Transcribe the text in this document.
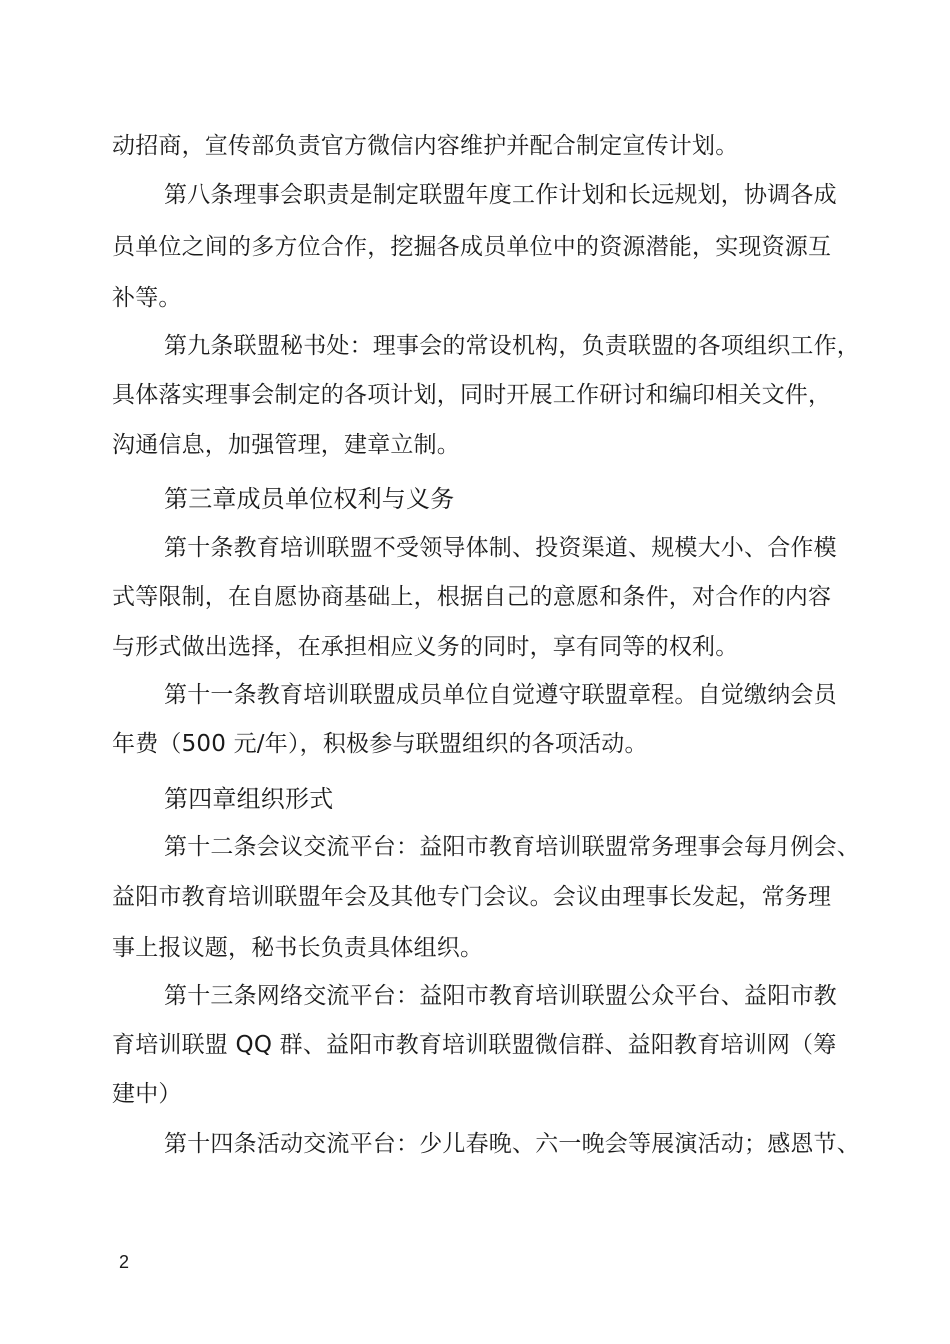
动招商，宣传部负责官方微信内容维护并配合制定宣传计划。
第八条理事会职责是制定联盟年度工作计划和长远规划，协调各成
员单位之间的多方位合作，挖掘各成员单位中的资源潜能，实现资源互
补等。
第九条联盟秘书处：理事会的常设机构，负责联盟的各项组织工作，
具体落实理事会制定的各项计划，同时开展工作研讨和编印相关文件，
沟通信息，加强管理，建章立制。
第三章成员单位权利与义务
第十条教育培训联盟不受领导体制、投资渠道、规模大小、合作模
式等限制，在自愿协商基础上，根据自己的意愿和条件，对合作的内容
与形式做出选择，在承担相应义务的同时，享有同等的权利。
第十一条教育培训联盟成员单位自觉遵守联盟章程。自觉缴纳会员
年费（500 元/年），积极参与联盟组织的各项活动。
第四章组织形式
第十二条会议交流平台：益阳市教育培训联盟常务理事会每月例会、
益阳市教育培训联盟年会及其他专门会议。会议由理事长发起，常务理
事上报议题，秘书长负责具体组织。
第十三条网络交流平台：益阳市教育培训联盟公众平台、益阳市教
育培训联盟 QQ 群、益阳市教育培训联盟微信群、益阳教育培训网（筹
建中）
第十四条活动交流平台：少儿春晚、六一晚会等展演活动；感恩节、
2
